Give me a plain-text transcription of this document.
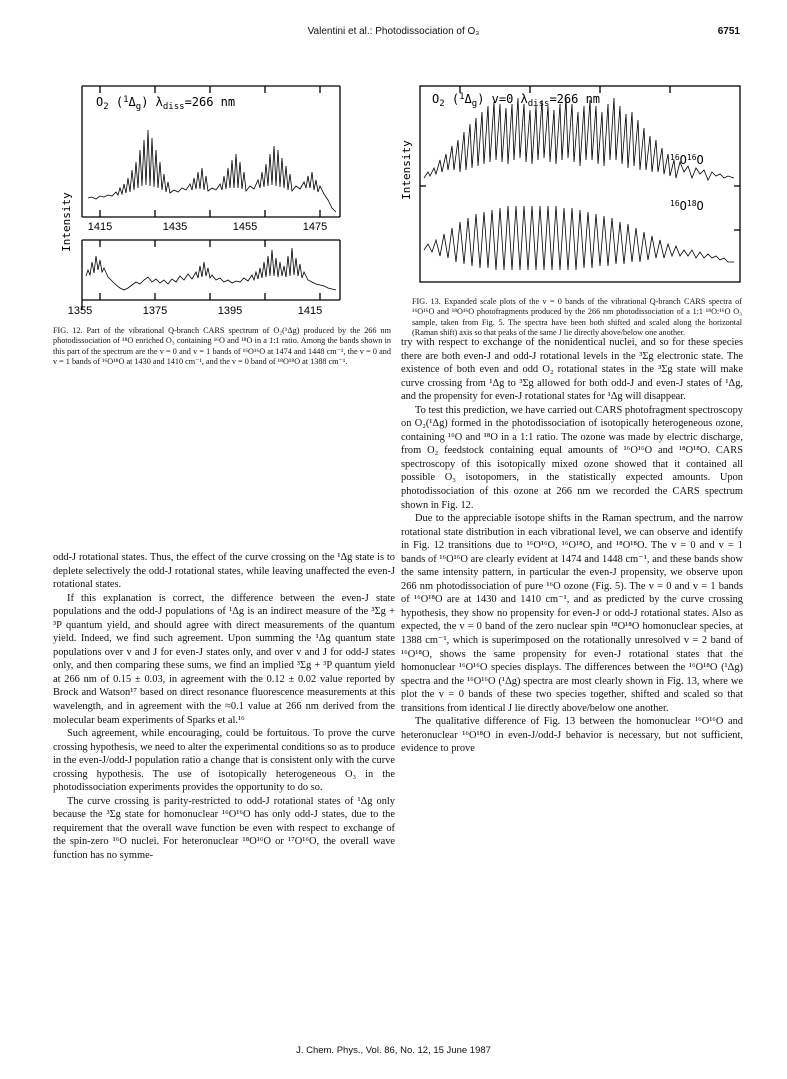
Valentini et al.: Photodissociation of O₃	6751
$O_2$ $(^1\Delta_g)$ $\lambda_{diss}=266$ nm
1415	1435	1455	1475
Intensity
$O_2$ $(^1\Delta_g)$ v=0 $\lambda_{diss}=266$ nm
$^{16}O^{16}O$
$^{16}O^{18}O$
Intensity
FIG. 13. Expanded scale plots of the v = 0 bands of the vibrational Q-branch CARS spectra of ¹⁶O¹⁶O and ¹⁸O¹⁶O photofragments produced by the 266 nm photodissociation of a 1:1 ¹⁸O:¹⁶O O₃ sample, taken from Fig. 5. The spectra have been both shifted and scaled along the horizontal (Raman shift) axis so that peaks of the same J lie directly above/below one another.
1355	1375	1395	1415
FIG. 12. Part of the vibrational Q-branch CARS spectrum of O₂(¹Δg) produced by the 266 nm photodissociation of ¹⁸O enriched O₃ containing ¹⁶O and ¹⁸O in a 1:1 ratio. Among the bands shown in this part of the spectrum are the v = 0 and v = 1 bands of ¹⁶O¹⁶O at 1474 and 1448 cm⁻¹, the v = 0 and v = 1 bands of ¹⁶O¹⁸O at 1430 and 1410 cm⁻¹, and the v = 0 band of ¹⁸O¹⁸O at 1388 cm⁻¹.

odd-J rotational states. Thus, the effect of the curve crossing on the ¹Δg state is to deplete selectively the odd-J rotational states, while leaving unaffected the even-J rotational states.

If this explanation is correct, the difference between the even-J state populations and the odd-J populations of ¹Δg is an indirect measure of the ³Σg + ³P quantum yield, and should agree with direct measurements of the quantum yield. Indeed, we find such agreement. Upon summing the ¹Δg quantum state populations over v and J for even-J states only, and over v and J for odd-J states only, and then comparing these sums, we find an implied ³Σg + ³P quantum yield at 266 nm of 0.15 ± 0.03, in agreement with the 0.12 ± 0.02 value reported by Brock and Watson¹⁷ based on direct resonance fluorescence measurements at this wavelength, and in agreement with the ≈0.1 value at 266 nm derived from the molecular beam experiments of Sparks et al.¹⁶

Such agreement, while encouraging, could be fortuitous. To prove the curve crossing hypothesis, we need to alter the experimental conditions so as to produce in the even-J/odd-J population ratio a change that is consistent only with the curve crossing hypothesis. The use of isotopically heterogeneous O₃ in the photodissociation experiments provides the opportunity to do so.

The curve crossing is parity-restricted to odd-J rotational states of ¹Δg only because the ³Σg state for homonuclear ¹⁶O¹⁶O has only odd-J states, due to the requirement that the overall wave function be even with respect to exchange of the spin-zero ¹⁶O nuclei. For heteronuclear ¹⁸O¹⁶O or ¹⁷O¹⁶O, the overall wave function has no symme-

try with respect to exchange of the nonidentical nuclei, and so for these species there are both even-J and odd-J rotational levels in the ³Σg electronic state. The existence of both even and odd O₂ rotational states in the ³Σg state will make curve crossing from ¹Δg to ³Σg allowed for both odd-J and even-J states of ¹Δg, and the propensity for even-J rotational states for ¹Δg will disappear.

To test this prediction, we have carried out CARS photofragment spectroscopy on O₂(¹Δg) formed in the photodissociation of isotopically heterogeneous ozone, containing ¹⁶O and ¹⁸O in a 1:1 ratio. The ozone was made by electric discharge, from O₂ feedstock containing equal amounts of ¹⁶O¹⁶O and ¹⁸O¹⁸O. CARS spectroscopy of this isotopically mixed ozone showed that it contained all possible O₃ isotopomers, in the statistically expected amounts. Upon photodissociation of this ozone at 266 nm we recorded the CARS spectrum shown in Fig. 12.

Due to the appreciable isotope shifts in the Raman spectrum, and the narrow rotational state distribution in each vibrational level, we can observe and identify in Fig. 12 transitions due to ¹⁶O¹⁶O, ¹⁶O¹⁸O, and ¹⁸O¹⁸O. The v = 0 and v = 1 bands of ¹⁶O¹⁶O are clearly evident at 1474 and 1448 cm⁻¹, and these bands show the same intensity pattern, in particular the even-J propensity, we observe upon 266 nm photodissociation of pure ¹⁶O ozone (Fig. 5). The v = 0 and v = 1 bands of ¹⁶O¹⁸O are at 1430 and 1410 cm⁻¹, and as predicted by the curve crossing hypothesis, they show no propensity for even-J or odd-J rotational states. Also as expected, the v = 0 band of the zero nuclear spin ¹⁸O¹⁸O homonuclear species, at 1388 cm⁻¹, which is superimposed on the rotationally unresolved v = 2 band of ¹⁶O¹⁸O, shows the same propensity for even-J rotational states that the homonuclear ¹⁶O¹⁶O species displays. The differences between the ¹⁶O¹⁸O (¹Δg) spectra and the ¹⁶O¹⁶O (¹Δg) spectra are most clearly shown in Fig. 13, where we plot the v = 0 bands of these two species together, shifted and scaled so that transitions from identical J lie directly above/below one another.

The qualitative difference of Fig. 13 between the homonuclear ¹⁶O¹⁶O and heteronuclear ¹⁶O¹⁸O in even-J/odd-J behavior is necessary, but not sufficient, evidence to prove

J. Chem. Phys., Vol. 86, No. 12, 15 June 1987
